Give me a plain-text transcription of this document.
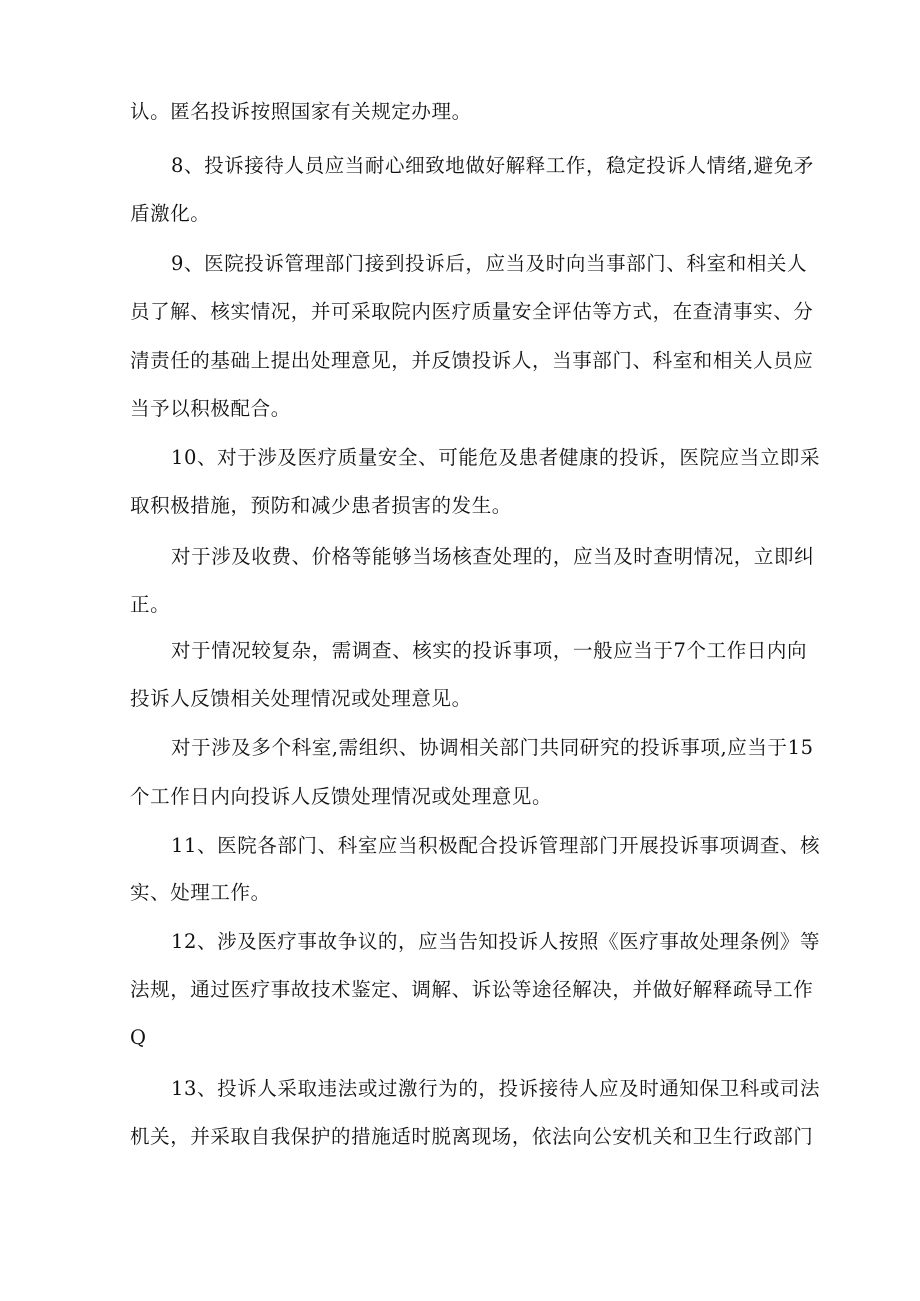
认。匿名投诉按照国家有关规定办理。
8、投诉接待人员应当耐心细致地做好解释工作，稳定投诉人情绪,避免矛
盾激化。
9、医院投诉管理部门接到投诉后，应当及时向当事部门、科室和相关人
员了解、核实情况，并可采取院内医疗质量安全评估等方式，在查清事实、分
清责任的基础上提出处理意见，并反馈投诉人，当事部门、科室和相关人员应
当予以积极配合。
10、对于涉及医疗质量安全、可能危及患者健康的投诉，医院应当立即采
取积极措施，预防和减少患者损害的发生。
对于涉及收费、价格等能够当场核查处理的，应当及时查明情况，立即纠
正。
对于情况较复杂，需调查、核实的投诉事项，一般应当于7个工作日内向
投诉人反馈相关处理情况或处理意见。
对于涉及多个科室,需组织、协调相关部门共同研究的投诉事项,应当于15
个工作日内向投诉人反馈处理情况或处理意见。
11、医院各部门、科室应当积极配合投诉管理部门开展投诉事项调查、核
实、处理工作。
12、涉及医疗事故争议的，应当告知投诉人按照《医疗事故处理条例》等
法规，通过医疗事故技术鉴定、调解、诉讼等途径解决，并做好解释疏导工作
Q
13、投诉人采取违法或过激行为的，投诉接待人应及时通知保卫科或司法
机关，并采取自我保护的措施适时脱离现场，依法向公安机关和卫生行政部门
